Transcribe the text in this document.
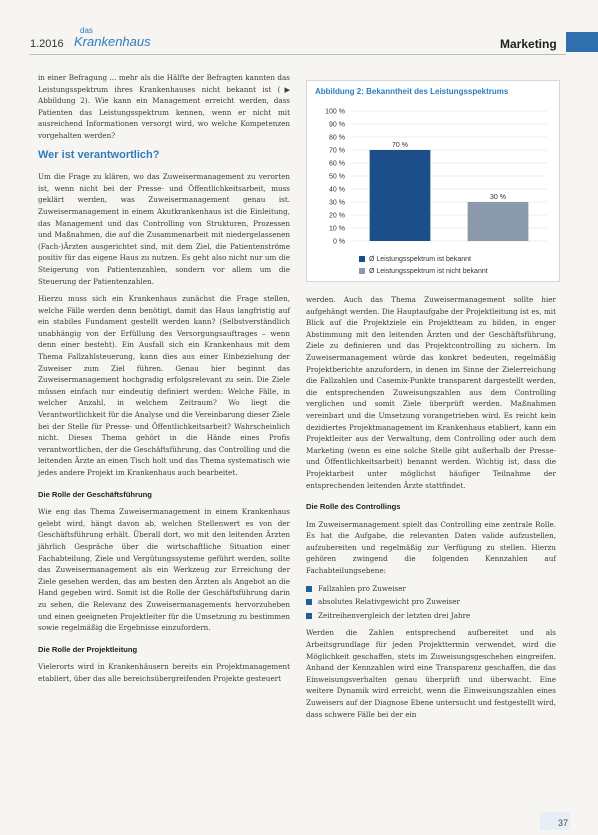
1.2016
das
Krankenhaus	Marketing

in einer Befragung ... mehr als die Hälfte der Befragten kannten das Leistungsspektrum ihres Krankenhauses nicht bekannt ist (▶ Abbildung 2). Wie kann ein Management erreicht werden, dass Patienten das Leistungsspektrum kennen, wenn er nicht mit ausreichend Informationen versorgt wird, wo welche Kompetenzen vorgehalten werden?

Wer ist verantwortlich?

Um die Frage zu klären, wo das Zuweisermanagement zu verorten ist, wenn nicht bei der Presse- und Öffentlichkeitsarbeit, muss geklärt werden, was Zuweisermanagement genau ist. Zuweisermanagement in einem Akutkrankenhaus ist die Einleitung, das Management und das Controlling von Strukturen, Prozessen und Maßnahmen, die auf die Zusammenarbeit mit niedergelassenen (Fach-)Ärzten ausgerichtet sind, mit dem Ziel, die Patientenströme positiv für das eigene Haus zu nutzen. Es geht also nicht nur um die Steigerung von Patientenzahlen, sondern vor allem um die Steuerung der Patientenzahlen.

Hierzu muss sich ein Krankenhaus zunächst die Frage stellen, welche Fälle werden denn benötigt, damit das Haus langfristig auf ein stabiles Fundament gestellt werden kann? (Selbstverständlich unabhängig von der Erfüllung des Versorgungsauftrages – wenn denn einer besteht). Ein Ausfall sich ein Krankenhaus mit dem Thema Fallzahlsteuerung, kann dies aus einer Einbeziehung der Zuweiser zum Ziel führen. Genau hier beginnt das Zuweisermanagement hochgradig erfolgsrelevant zu sein. Die Ziele müssen einfach nur eindeutig definiert werden: Welche Fälle, in welcher Anzahl, in welchem Zeitraum? Wo liegt die Verantwortlichkeit für die Analyse und die Vereinbarung dieser Ziele bei der Stelle für Presse- und Öffentlichkeitsarbeit? Wahrscheinlich nicht. Dieses Thema gehört in die Hände eines Profis verantwortlichen, der die Geschäftsführung, das Controlling und die leitenden Ärzte an einen Tisch holt und das Thema systematisch wie jedes andere Projekt im Krankenhaus auch bearbeitet.

Die Rolle der Geschäftsführung

Wie eng das Thema Zuweisermanagement in einem Krankenhaus gelebt wird, hängt davon ab, welchen Stellenwert es von der Geschäftsführung erhält. Überall dort, wo mit den leitenden Ärzten jährlich Gespräche über die wirtschaftliche Situation einer Fachabteilung, Ziele und Vergütungssysteme geführt werden, sollte das Zuweisermanagement als ein Werkzeug zur Erreichung der Ziele gesehen werden, das am besten den Ärzten als Angebot an die Hand gegeben wird. Somit ist die Rolle der Geschäftsführung darin zu sehen, die Relevanz des Zuweisermanagements hervorzuheben und einen geeigneten Projektleiter für die Umsetzung zu bestimmen sowie regelmäßig die Ergebnisse einzufordern.

Die Rolle der Projektleitung

Vielerorts wird in Krankenhäusern bereits ein Projektmanagement etabliert, über das alle bereichsübergreifenden Projekte gesteuert

Abbildung 2: Bekanntheit des Leistungsspektrums
0 %
10 %
20 %
30 %
40 %
50 %
60 %
70 %
80 %
90 %
100 %
70 %
30 %
Ø Leistungsspektrum ist bekannt
Ø Leistungsspektrum ist nicht bekannt

werden. Auch das Thema Zuweisermanagement sollte hier aufgehängt werden. Die Hauptaufgabe der Projektleitung ist es, mit Blick auf die Projektziele ein Projektteam zu bilden, in enger Abstimmung mit den leitenden Ärzten und der Geschäftsführung, Ziele zu definieren und das Projektcontrolling zu sichern. Im Zuweisermanagement würde das konkret bedeuten, regelmäßig Projektberichte anzufordern, in denen im Sinne der Zielerreichung die Fallzahlen und Casemix-Punkte transparent dargestellt werden, die entsprechenden Zuweisungszahlen aus dem Controlling verglichen und somit Ziele überprüft werden. Maßnahmen vereinbart und die Umsetzung vorangetrieben wird. Es reicht kein dezidiertes Projektmanagement im Krankenhaus etabliert, kann ein Projektleiter aus der Verwaltung, dem Controlling oder auch dem Marketing (wenn es eine solche Stelle gibt außerhalb der Presse- und Öffentlichkeitsarbeit) benannt werden. Wichtig ist, dass die Projektarbeit unter möglichst häufiger Teilnahme der entsprechenden leitenden Ärzte stattfindet.

Die Rolle des Controllings

Im Zuweisermanagement spielt das Controlling eine zentrale Rolle. Es hat die Aufgabe, die relevanten Daten valide aufzustellen, aufzubereiten und regelmäßig zur Verfügung zu stellen. Hierzu gehören zwingend die folgenden Kennzahlen auf Fachabteilungsebene:

Fallzahlen pro Zuweiser
absolutes Relativgewicht pro Zuweiser
Zeitreihenvergleich der letzten drei Jahre

Werden die Zahlen entsprechend aufbereitet und als Arbeitsgrundlage für jeden Projekttermin verwendet, wird die Möglichkeit geschaffen, stets im Zuweisungsgeschehen eingreifen. Anhand der Kennzahlen wird eine Transparenz geschaffen, die das Einweisungsverhalten genau überprüft und überwacht. Eine weitere Dynamik wird erreicht, wenn die Einweisungszahlen eines Zuweisers auf der Diagnose Ebene untersucht und festgestellt wird, dass schwere Fälle bei der ein

37
